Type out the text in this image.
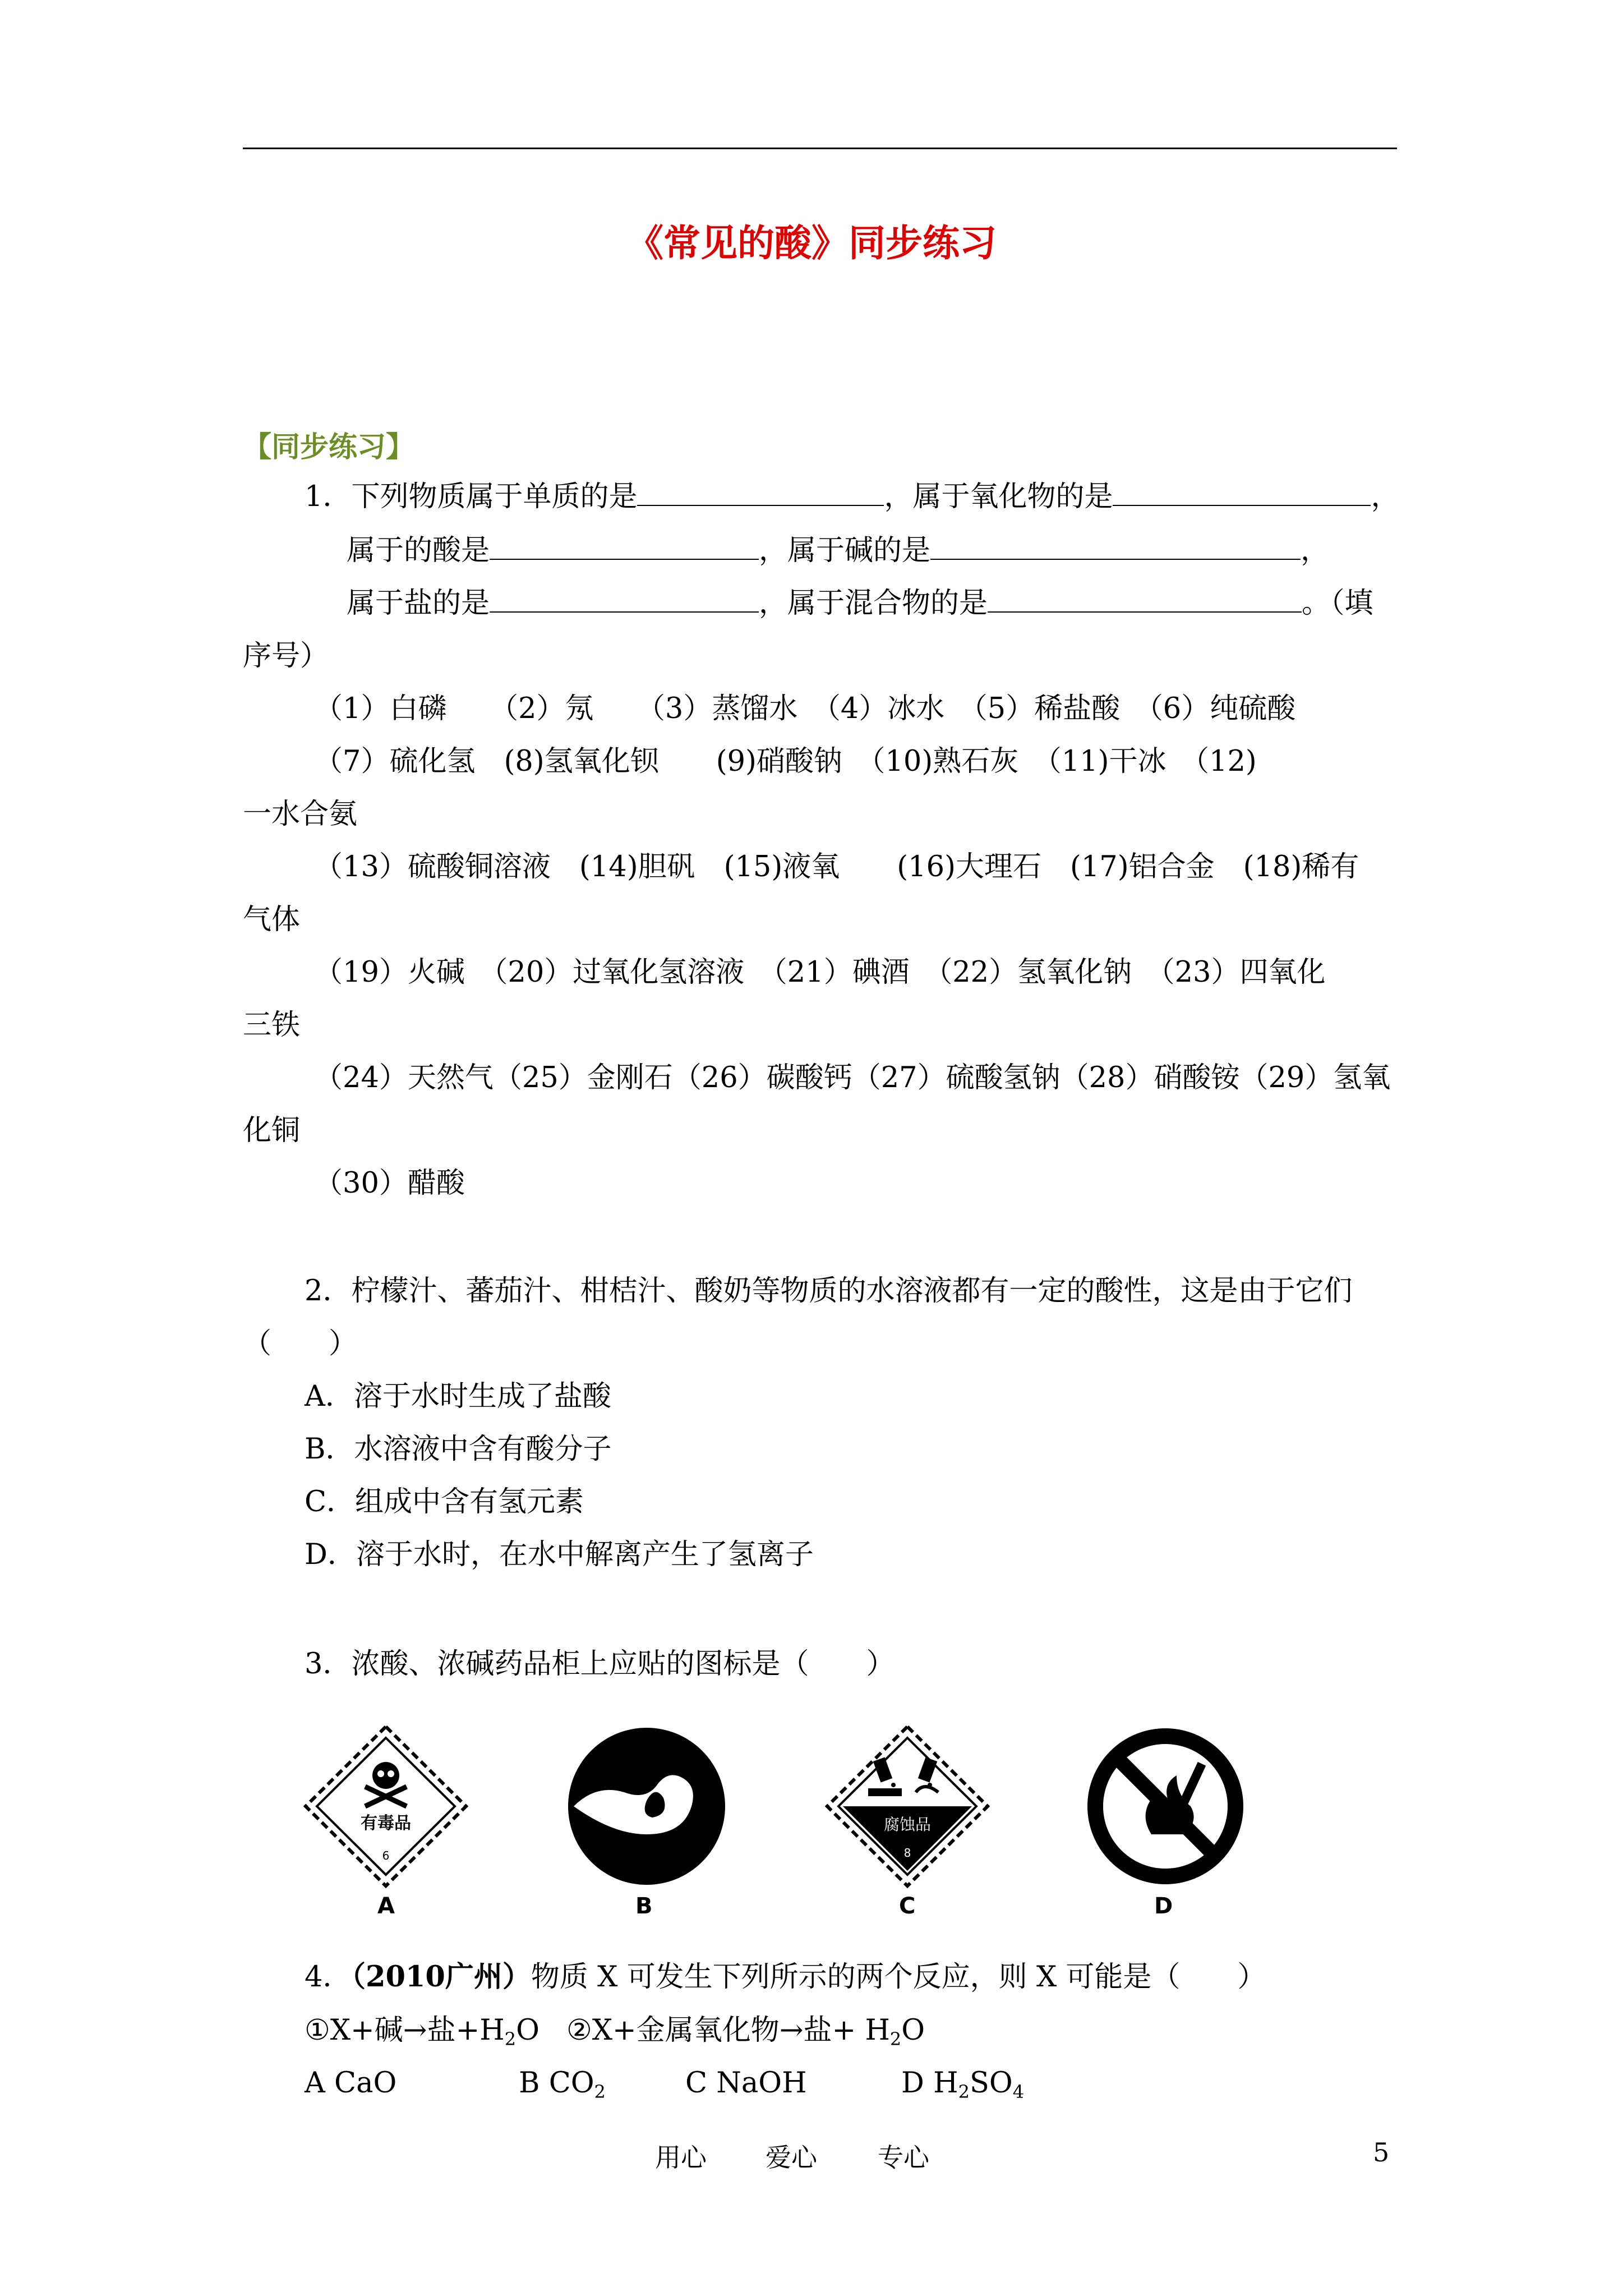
《常见的酸》同步练习
【同步练习】
1．下列物质属于单质的是	，属于氧化物的是	，
属于的酸是	，属于碱的是	，
属于盐的是	，属于混合物的是	。（填
序号）
（1）白磷　　（2）氖　　（3）蒸馏水　（4）冰水　（5）稀盐酸　（6）纯硫酸
（7）硫化氢　(8)氢氧化钡　　(9)硝酸钠　（10)熟石灰　（11)干冰　（12)
一水合氨
（13）硫酸铜溶液　(14)胆矾　(15)液氧　　(16)大理石　(17)铝合金　(18)稀有
气体
（19）火碱　（20）过氧化氢溶液　（21）碘酒　（22）氢氧化钠　（23）四氧化
三铁
（24）天然气（25）金刚石（26）碳酸钙（27）硫酸氢钠（28）硝酸铵（29）氢氧
化铜
（30）醋酸
2．柠檬汁、蕃茄汁、柑桔汁、酸奶等物质的水溶液都有一定的酸性，这是由于它们
（　　）
A．溶于水时生成了盐酸
B．水溶液中含有酸分子
C．组成中含有氢元素
D．溶于水时，在水中解离产生了氢离子
3．浓酸、浓碱药品柜上应贴的图标是（　　）
有毒品
6
A	B
腐蚀品
8
C	D
4．（2010广州）物质 X 可发生下列所示的两个反应，则 X 可能是（　　）
①X+碱→盐$+H_2O$ ②X+金属氧化物→盐+ $H_2O$
A CaO	B $CO_2$	C NaOH	D $H_2SO_4$
用心 爱心 专心	5
